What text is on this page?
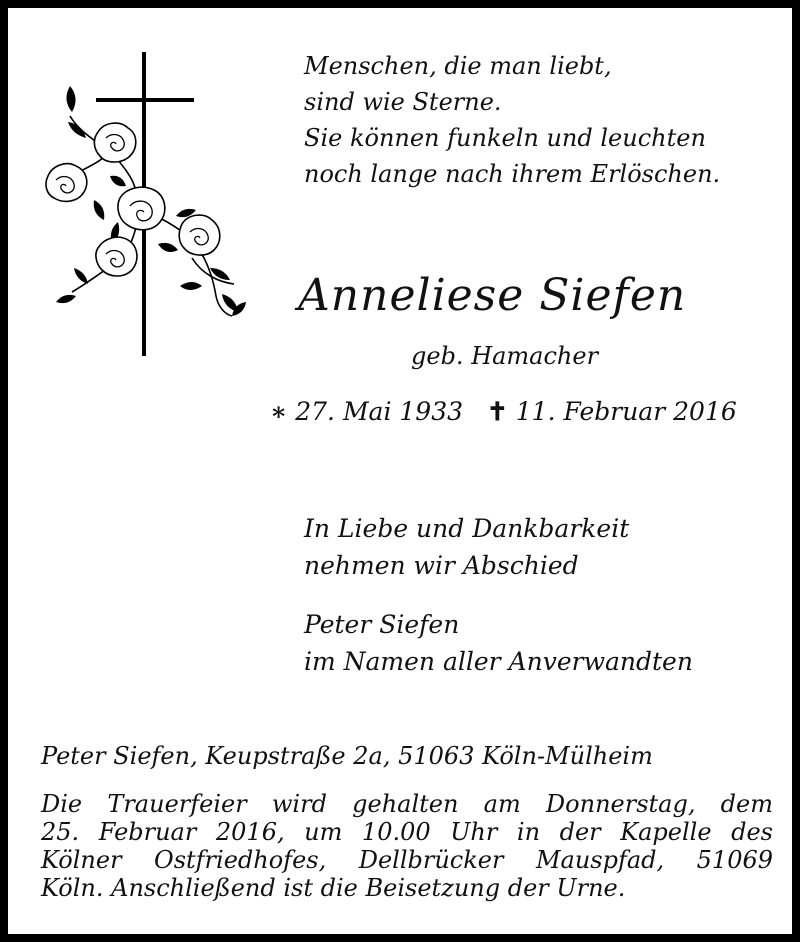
Menschen, die man liebt,
sind wie Sterne.
Sie können funkeln und leuchten
noch lange nach ihrem Erlöschen.
Anneliese Siefen
geb. Hamacher
∗ 27. Mai 1933 ✝ 11. Februar 2016
In Liebe und Dankbarkeit
nehmen wir Abschied
Peter Siefen
im Namen aller Anverwandten
Peter Siefen, Keupstraße 2a, 51063 Köln-Mülheim
Die Trauerfeier wird gehalten am Donnerstag, dem
25. Februar 2016, um 10.00 Uhr in der Kapelle des
Kölner Ostfriedhofes, Dellbrücker Mauspfad, 51069
Köln. Anschließend ist die Beisetzung der Urne.
